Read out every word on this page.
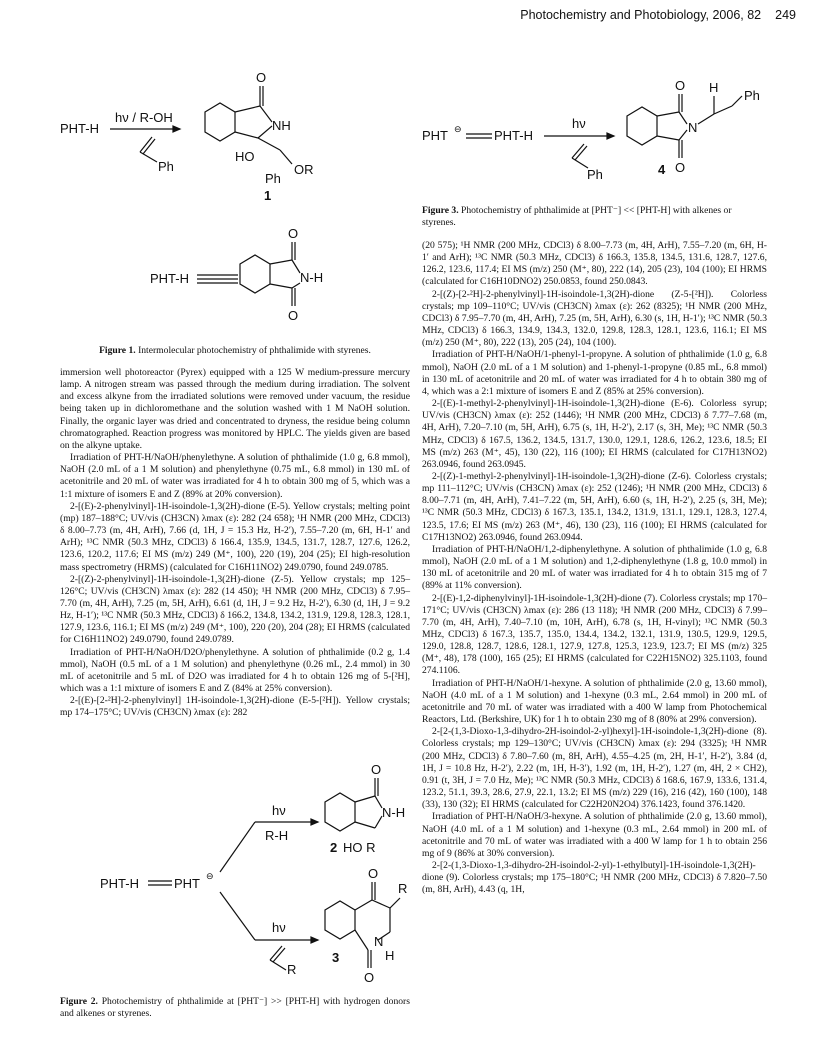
Photochemistry and Photobiology, 2006, 82 249
PHT-H
hν / R-OH
Ph
O
NH
HO
OR
Ph
1
PHT-H
O
O
N-H
Figure 1. Intermolecular photochemistry of phthalimide with styrenes.
PHT ⊖ PHT-H
hν
Ph
O
O
N
H
Ph
4
Figure 3. Photochemistry of phthalimide at [PHT⁻] << [PHT-H] with alkenes or styrenes.

immersion well photoreactor (Pyrex) equipped with a 125 W medium-pressure mercury lamp. A nitrogen stream was passed through the medium during irradiation. The solvent and excess alkyne from the irradiated solutions were removed under vacuum, the residue being taken up in dichloromethane and the solution washed with 1 M NaOH solution. Finally, the organic layer was dried and concentrated to dryness, the residue being column chromatographed. Reaction progress was monitored by HPLC. The yields given are based on the alkyne uptake.

Irradiation of PHT-H/NaOH/phenylethyne. A solution of phthalimide (1.0 g, 6.8 mmol), NaOH (2.0 mL of a 1 M solution) and phenylethyne (0.75 mL, 6.8 mmol) in 130 mL of acetonitrile and 20 mL of water was irradiated for 4 h to obtain 300 mg of 5, which was a 1:1 mixture of isomers E and Z (89% at 20% conversion).

2-[(E)-2-phenylvinyl]-1H-isoindole-1,3(2H)-dione (E-5). Yellow crystals; melting point (mp) 187–188°C; UV/vis (CH3CN) λmax (ε): 282 (24 658); ¹H NMR (200 MHz, CDCl3) δ 8.00–7.73 (m, 4H, ArH), 7.66 (d, 1H, J = 15.3 Hz, H-2′), 7.55–7.20 (m, 6H, H-1′ and ArH); ¹³C NMR (50.3 MHz, CDCl3) δ 166.4, 135.9, 134.5, 131.7, 128.7, 127.6, 126.2, 123.6, 120.2, 117.6; EI MS (m/z) 249 (M⁺, 100), 220 (19), 204 (25); EI high-resolution mass spectrometry (HRMS) (calculated for C16H11NO2) 249.0790, found 249.0785.

2-[(Z)-2-phenylvinyl]-1H-isoindole-1,3(2H)-dione (Z-5). Yellow crystals; mp 125–126°C; UV/vis (CH3CN) λmax (ε): 282 (14 450); ¹H NMR (200 MHz, CDCl3) δ 7.95–7.70 (m, 4H, ArH), 7.25 (m, 5H, ArH), 6.61 (d, 1H, J = 9.2 Hz, H-2′), 6.30 (d, 1H, J = 9.2 Hz, H-1′); ¹³C NMR (50.3 MHz, CDCl3) δ 166.2, 134.8, 134.2, 131.9, 129.8, 128.3, 128.1, 127.9, 123.6, 116.1; EI MS (m/z) 249 (M⁺, 100), 220 (20), 204 (28); EI HRMS (calculated for C16H11NO2) 249.0790, found 249.0789.

Irradiation of PHT-H/NaOH/D2O/phenylethyne. A solution of phthalimide (0.2 g, 1.4 mmol), NaOH (0.5 mL of a 1 M solution) and phenylethyne (0.26 mL, 2.4 mmol) in 30 mL of acetonitrile and 5 mL of D2O was irradiated for 4 h to obtain 126 mg of 5-[²H], which was a 1:1 mixture of isomers E and Z (84% at 25% conversion).

2-[(E)-[2-²H]-2-phenylvinyl] 1H-isoindole-1,3(2H)-dione (E-5-[²H]). Yellow crystals; mp 174–175°C; UV/vis (CH3CN) λmax (ε): 282

PHT-H	PHT ⊖
hν
R-H
hν
R
O
N-H
2 HO R
O
R
O
N
H
3
Figure 2. Photochemistry of phthalimide at [PHT⁻] >> [PHT-H] with hydrogen donors and alkenes or styrenes.

(20 575); ¹H NMR (200 MHz, CDCl3) δ 8.00–7.73 (m, 4H, ArH), 7.55–7.20 (m, 6H, H-1′ and ArH); ¹³C NMR (50.3 MHz, CDCl3) δ 166.3, 135.8, 134.5, 131.6, 128.7, 127.6, 126.2, 123.6, 117.4; EI MS (m/z) 250 (M⁺, 80), 222 (14), 205 (23), 104 (100); EI HRMS (calculated for C16H10DNO2) 250.0853, found 250.0843.

2-[(Z)-[2-²H]-2-phenylvinyl]-1H-isoindole-1,3(2H)-dione (Z-5-[²H]). Colorless crystals; mp 109–110°C; UV/vis (CH3CN) λmax (ε): 262 (8325); ¹H NMR (200 MHz, CDCl3) δ 7.95–7.70 (m, 4H, ArH), 7.25 (m, 5H, ArH), 6.30 (s, 1H, H-1′); ¹³C NMR (50.3 MHz, CDCl3) δ 166.3, 134.9, 134.3, 132.0, 129.8, 128.3, 128.1, 123.6, 116.1; EI MS (m/z) 250 (M⁺, 80), 222 (13), 205 (24), 104 (100).

Irradiation of PHT-H/NaOH/1-phenyl-1-propyne. A solution of phthalimide (1.0 g, 6.8 mmol), NaOH (2.0 mL of a 1 M solution) and 1-phenyl-1-propyne (0.85 mL, 6.8 mmol) in 130 mL of acetonitrile and 20 mL of water was irradiated for 4 h to obtain 380 mg of 4, which was a 2:1 mixture of isomers E and Z (85% at 25% conversion).

2-[(E)-1-methyl-2-phenylvinyl]-1H-isoindole-1,3(2H)-dione (E-6). Colorless syrup; UV/vis (CH3CN) λmax (ε): 252 (1446); ¹H NMR (200 MHz, CDCl3) δ 7.77–7.68 (m, 4H, ArH), 7.20–7.10 (m, 5H, ArH), 6.75 (s, 1H, H-2′), 2.17 (s, 3H, Me); ¹³C NMR (50.3 MHz, CDCl3) δ 167.5, 136.2, 134.5, 131.7, 130.0, 129.1, 128.6, 126.2, 123.6, 18.5; EI MS (m/z) 263 (M⁺, 45), 130 (22), 116 (100); EI HRMS (calculated for C17H13NO2) 263.0946, found 263.0945.

2-[(Z)-1-methyl-2-phenylvinyl]-1H-isoindole-1,3(2H)-dione (Z-6). Colorless crystals; mp 111–112°C; UV/vis (CH3CN) λmax (ε): 252 (1246); ¹H NMR (200 MHz, CDCl3) δ 8.00–7.71 (m, 4H, ArH), 7.41–7.22 (m, 5H, ArH), 6.60 (s, 1H, H-2′), 2.25 (s, 3H, Me); ¹³C NMR (50.3 MHz, CDCl3) δ 167.3, 135.1, 134.2, 131.9, 131.1, 129.1, 128.3, 127.4, 123.5, 17.6; EI MS (m/z) 263 (M⁺, 46), 130 (23), 116 (100); EI HRMS (calculated for C17H13NO2) 263.0946, found 263.0944.

Irradiation of PHT-H/NaOH/1,2-diphenylethyne. A solution of phthalimide (1.0 g, 6.8 mmol), NaOH (2.0 mL of a 1 M solution) and 1,2-diphenylethyne (1.8 g, 10.0 mmol) in 130 mL of acetonitrile and 20 mL of water was irradiated for 4 h to obtain 315 mg of 7 (89% at 11% conversion).

2-[(E)-1,2-diphenylvinyl]-1H-isoindole-1,3(2H)-dione (7). Colorless crystals; mp 170–171°C; UV/vis (CH3CN) λmax (ε): 286 (13 118); ¹H NMR (200 MHz, CDCl3) δ 7.99–7.70 (m, 4H, ArH), 7.40–7.10 (m, 10H, ArH), 6.78 (s, 1H, H-vinyl); ¹³C NMR (50.3 MHz, CDCl3) δ 167.3, 135.7, 135.0, 134.4, 134.2, 132.1, 131.9, 130.5, 129.9, 129.5, 129.0, 128.8, 128.7, 128.6, 128.1, 127.9, 127.8, 125.3, 123.9, 123.7; EI MS (m/z) 325 (M⁺, 48), 178 (100), 165 (25); EI HRMS (calculated for C22H15NO2) 325.1103, found 274.1106.

Irradiation of PHT-H/NaOH/1-hexyne. A solution of phthalimide (2.0 g, 13.60 mmol), NaOH (4.0 mL of a 1 M solution) and 1-hexyne (0.3 mL, 2.64 mmol) in 200 mL of acetonitrile and 70 mL of water was irradiated with a 400 W lamp from Photochemical Reactors, Ltd. (Berkshire, UK) for 1 h to obtain 230 mg of 8 (80% at 29% conversion).

2-[2-(1,3-Dioxo-1,3-dihydro-2H-isoindol-2-yl)hexyl]-1H-isoindole-1,3(2H)-dione (8). Colorless crystals; mp 129–130°C; UV/vis (CH3CN) λmax (ε): 294 (3325); ¹H NMR (200 MHz, CDCl3) δ 7.80–7.60 (m, 8H, ArH), 4.55–4.25 (m, 2H, H-1′, H-2′), 3.84 (d, 1H, J = 10.8 Hz, H-2′), 2.22 (m, 1H, H-3′), 1.92 (m, 1H, H-2′), 1.27 (m, 4H, 2 × CH2), 0.91 (t, 3H, J = 7.0 Hz, Me); ¹³C NMR (50.3 MHz, CDCl3) δ 168.6, 167.9, 133.6, 131.4, 123.2, 51.1, 39.3, 28.6, 27.9, 22.1, 13.2; EI MS (m/z) 229 (16), 216 (42), 160 (100), 148 (33), 130 (32); EI HRMS (calculated for C22H20N2O4) 376.1423, found 376.1420.

Irradiation of PHT-H/NaOH/3-hexyne. A solution of phthalimide (2.0 g, 13.60 mmol), NaOH (4.0 mL of a 1 M solution) and 1-hexyne (0.3 mL, 2.64 mmol) in 200 mL of acetonitrile and 70 mL of water was irradiated with a 400 W lamp for 1 h to obtain 256 mg of 9 (86% at 30% conversion).

2-[2-(1,3-Dioxo-1,3-dihydro-2H-isoindol-2-yl)-1-ethylbutyl]-1H-isoindole-1,3(2H)-dione (9). Colorless crystals; mp 175–180°C; ¹H NMR (200 MHz, CDCl3) δ 7.820–7.50 (m, 8H, ArH), 4.43 (q, 1H,
